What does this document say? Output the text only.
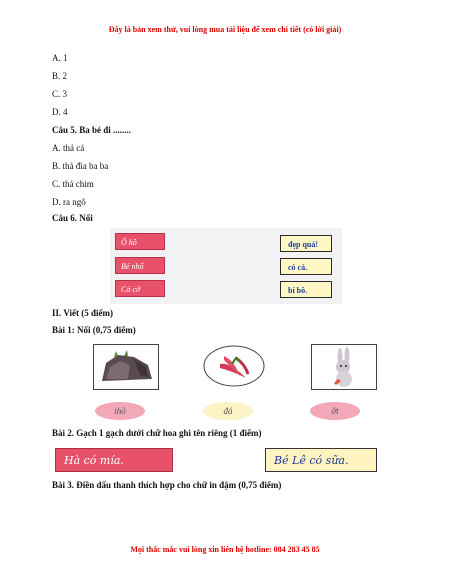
Đây là bản xem thử, vui lòng mua tài liệu để xem chi tiết (có lời giải)
A. 1
B. 2
C. 3
D. 4
Câu 5. Ba bé đi ........
A. thả cá
B. thả đìa ba ba
C. thả chim
D. ra ngõ
Câu 6. Nối
Ô hồ
Bé nhổ
Cá cờ
đẹp quá!
có cá.
bí bô.
II. Viết (5 điểm)
Bài 1: Nối (0,75 điểm)
thỏ	đá	ớt
Bài 2. Gạch 1 gạch dưới chữ hoa ghi tên riêng (1 điểm)
Hà có mía.	Bé Lê có sữa.
Bài 3. Điền dấu thanh thích hợp cho chữ in đậm (0,75 điểm)
Mọi thắc mắc vui lòng xin liên hệ hotline: 084 283 45 85
